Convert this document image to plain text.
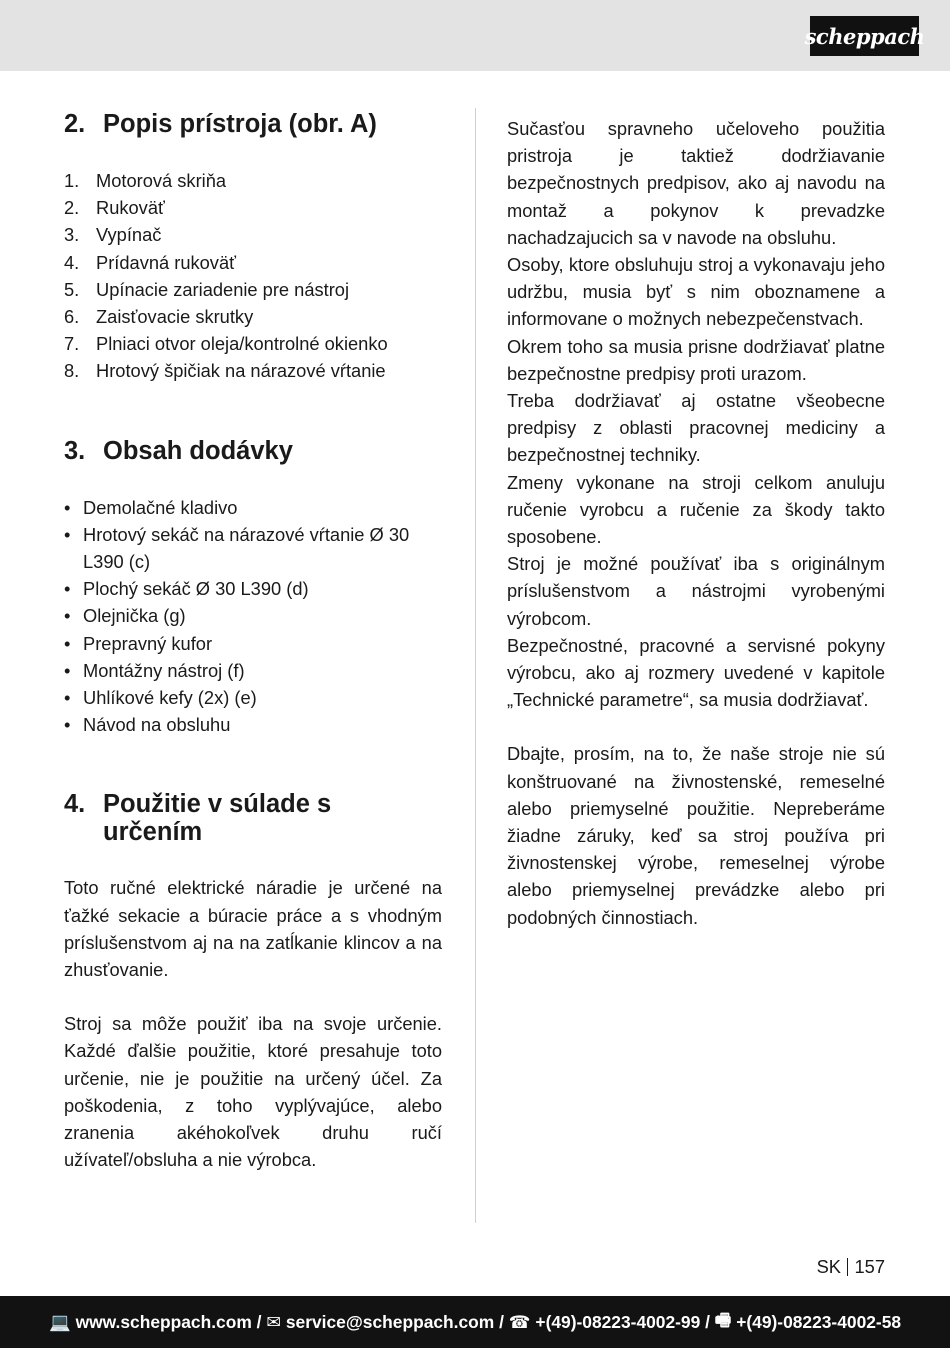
scheppach
2. Popis prístroja (obr. A)
1. Motorová skriňa
2. Rukoväť
3. Vypínač
4. Prídavná rukoväť
5. Upínacie zariadenie pre nástroj
6. Zaisťovacie skrutky
7. Plniaci otvor oleja/kontrolné okienko
8. Hrotový špičiak na nárazové vŕtanie
3. Obsah dodávky
• Demolačné kladivo
• Hrotový sekáč na nárazové vŕtanie Ø 30 L390 (c)
• Plochý sekáč Ø 30 L390 (d)
• Olejnička (g)
• Prepravný kufor
• Montážny nástroj (f)
• Uhlíkové kefy (2x) (e)
• Návod na obsluhu
4. Použitie v súlade s určením

Toto ručné elektrické náradie je určené na ťažké sekacie a búracie práce a s vhodným príslušenstvom aj na na zatĺkanie klincov a na zhusťovanie.

Stroj sa môže použiť iba na svoje určenie. Každé ďalšie použitie, ktoré presahuje toto určenie, nie je použitie na určený účel. Za poškodenia, z toho vyplývajúce, alebo zranenia akéhokoľvek druhu ručí užívateľ/obsluha a nie výrobca.

Sučasťou spravneho učeloveho použitia pristroja je taktiež dodržiavanie bezpečnostnych predpisov, ako aj navodu na montaž a pokynov k prevadzke nachadzajucich sa v navode na obsluhu.

Osoby, ktore obsluhuju stroj a vykonavaju jeho udržbu, musia byť s nim oboznamene a informovane o možnych nebezpečenstvach.

Okrem toho sa musia prisne dodržiavať platne bezpečnostne predpisy proti urazom.

Treba dodržiavať aj ostatne všeobecne predpisy z oblasti pracovnej mediciny a bezpečnostnej techniky.

Zmeny vykonane na stroji celkom anuluju ručenie vyrobcu a ručenie za škody takto sposobene.

Stroj je možné používať iba s originálnym príslušenstvom a nástrojmi vyrobenými výrobcom.

Bezpečnostné, pracovné a servisné pokyny výrobcu, ako aj rozmery uvedené v kapitole „Technické parametre“, sa musia dodržiavať.

Dbajte, prosím, na to, že naše stroje nie sú konštruované na živnostenské, remeselné alebo priemyselné použitie. Nepreberáme žiadne záruky, keď sa stroj používa pri živnostenskej výrobe, remeselnej výrobe alebo priemyselnej prevádzke alebo pri podobných činnostiach.

SK 157
💻 www.scheppach.com / ✉ service@scheppach.com / ☎ +(49)-08223-4002-99 / 🖷 +(49)-08223-4002-58
